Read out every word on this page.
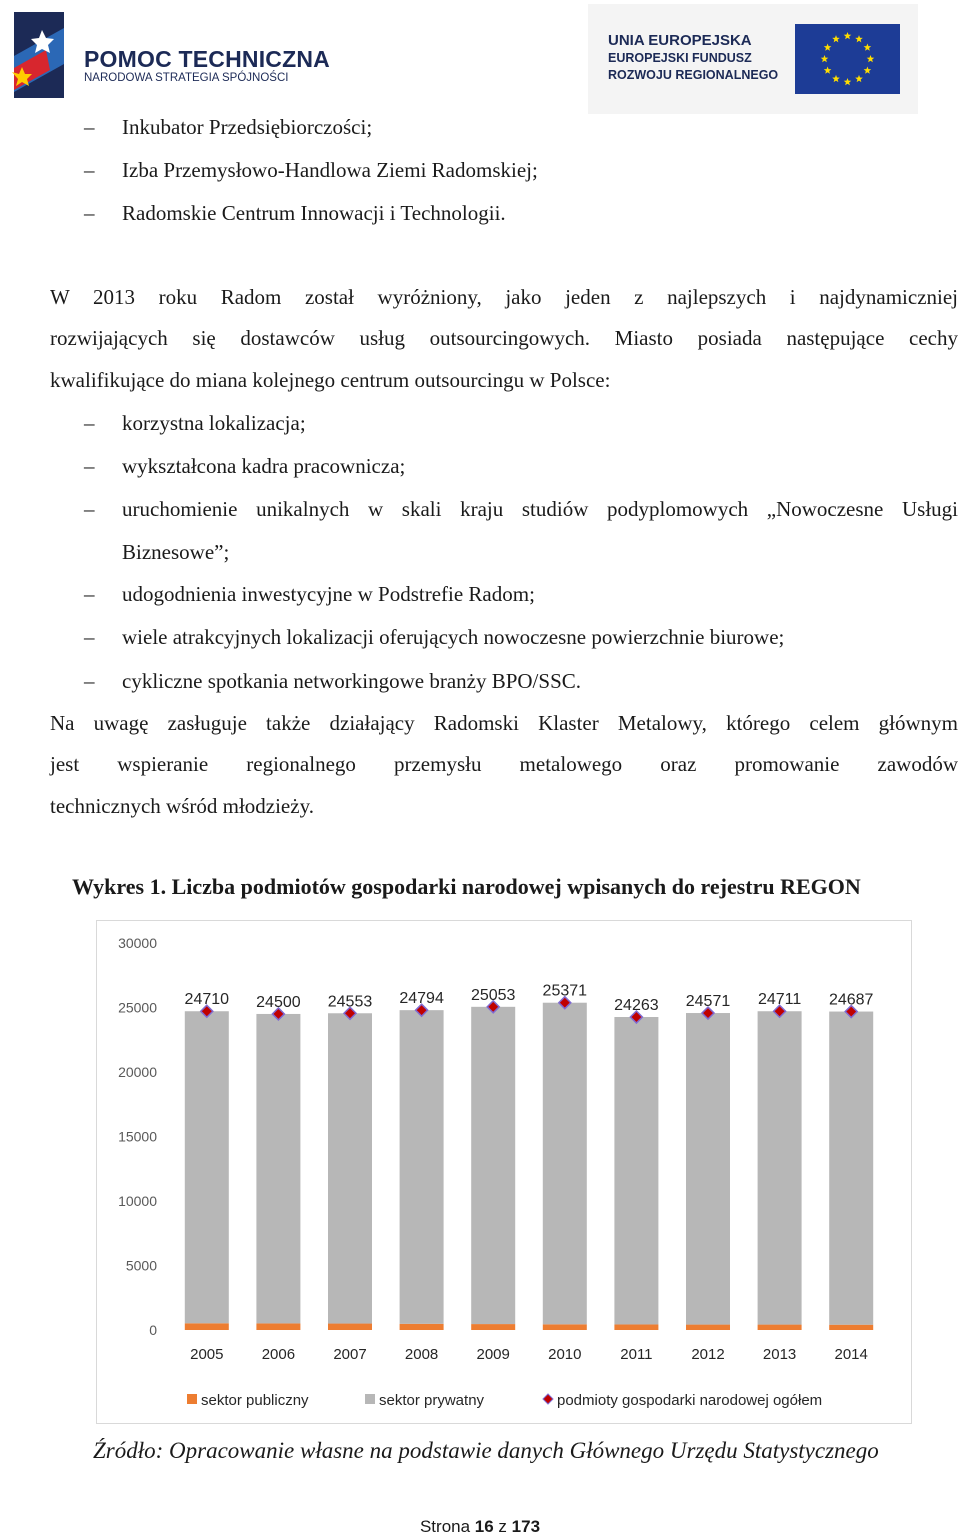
POMOC TECHNICZNA
NARODOWA STRATEGIA SPÓJNOŚCI
UNIA EUROPEJSKA
EUROPEJSKI FUNDUSZ
ROZWOJU REGIONALNEGO
– Inkubator Przedsiębiorczości;
– Izba Przemysłowo-Handlowa Ziemi Radomskiej;
– Radomskie Centrum Innowacji i Technologii.
W 2013 roku Radom został wyróżniony, jako jeden z najlepszych i najdynamiczniej
rozwijających się dostawców usług outsourcingowych. Miasto posiada następujące cechy
kwalifikujące do miana kolejnego centrum outsourcingu w Polsce:
– korzystna lokalizacja;
– wykształcona kadra pracownicza;
– uruchomienie unikalnych w skali kraju studiów podyplomowych „Nowoczesne Usługi
Biznesowe”;
– udogodnienia inwestycyjne w Podstrefie Radom;
– wiele atrakcyjnych lokalizacji oferujących nowoczesne powierzchnie biurowe;
– cykliczne spotkania networkingowe branży BPO/SSC.
Na uwagę zasługuje także działający Radomski Klaster Metalowy, którego celem głównym
jest wspieranie regionalnego przemysłu metalowego oraz promowanie zawodów
technicznych wśród młodzieży.
Wykres 1. Liczba podmiotów gospodarki narodowej wpisanych do rejestru REGON
0
5000
10000
15000
20000
25000
30000
2005	2006	2007	2008	2009	2010	2011	2012	2013	2014
24710 24500 24553 24794 25053 25371
24263 24571 24711 24687
sektor publiczny	sektor prywatny	podmioty gospodarki narodowej ogółem
Źródło: Opracowanie własne na podstawie danych Głównego Urzędu Statystycznego
Strona 16 z 173
